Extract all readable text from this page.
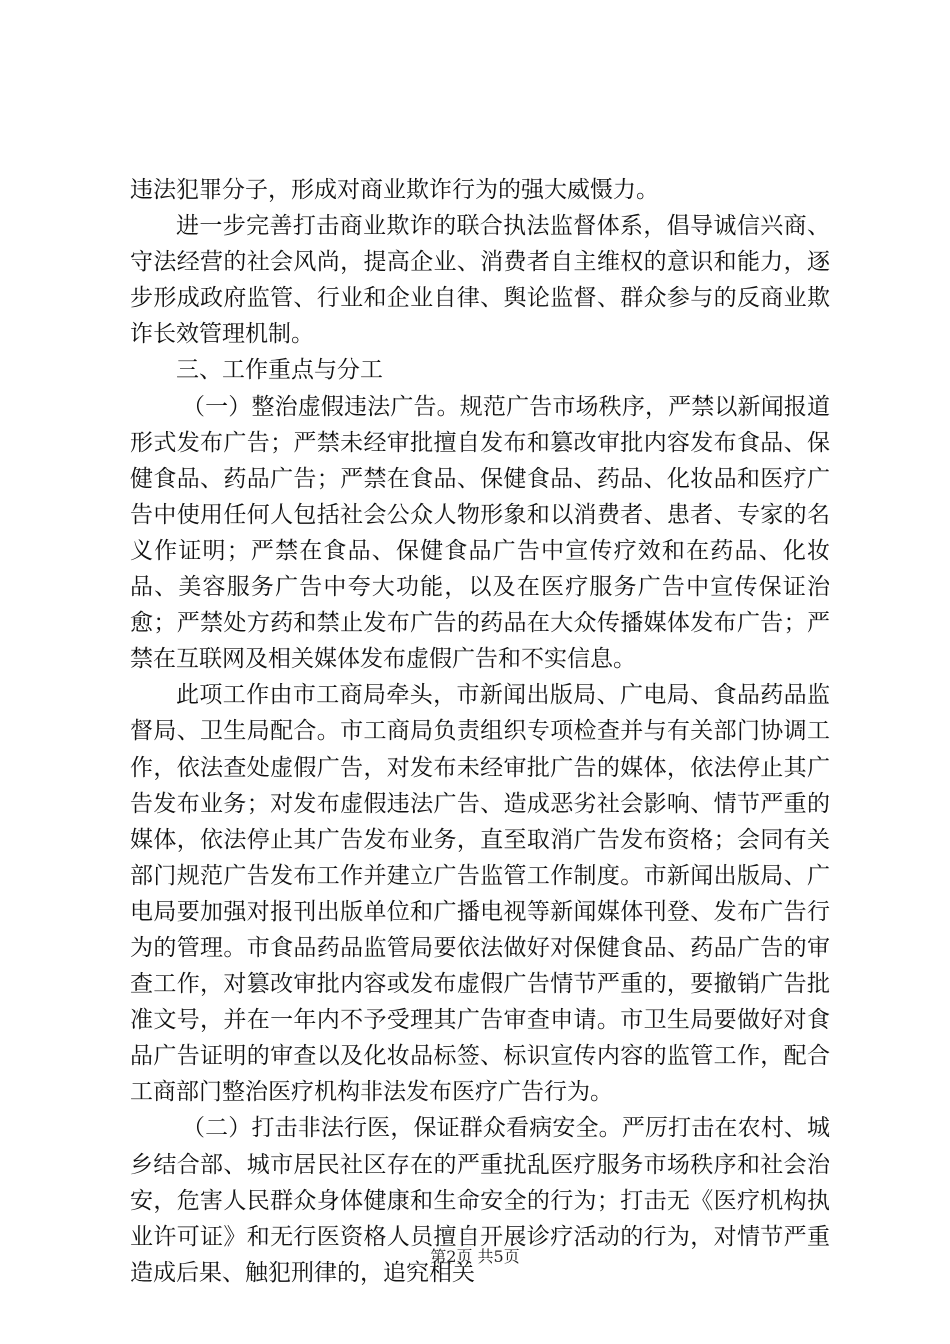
违法犯罪分子，形成对商业欺诈行为的强大威慑力。

进一步完善打击商业欺诈的联合执法监督体系，倡导诚信兴商、守法经营的社会风尚，提高企业、消费者自主维权的意识和能力，逐步形成政府监管、行业和企业自律、舆论监督、群众参与的反商业欺诈长效管理机制。

三、工作重点与分工

（一）整治虚假违法广告。规范广告市场秩序，严禁以新闻报道形式发布广告；严禁未经审批擅自发布和篡改审批内容发布食品、保健食品、药品广告；严禁在食品、保健食品、药品、化妆品和医疗广告中使用任何人包括社会公众人物形象和以消费者、患者、专家的名义作证明；严禁在食品、保健食品广告中宣传疗效和在药品、化妆品、美容服务广告中夸大功能，以及在医疗服务广告中宣传保证治愈；严禁处方药和禁止发布广告的药品在大众传播媒体发布广告；严禁在互联网及相关媒体发布虚假广告和不实信息。

此项工作由市工商局牵头，市新闻出版局、广电局、食品药品监督局、卫生局配合。市工商局负责组织专项检查并与有关部门协调工作，依法查处虚假广告，对发布未经审批广告的媒体，依法停止其广告发布业务；对发布虚假违法广告、造成恶劣社会影响、情节严重的媒体，依法停止其广告发布业务，直至取消广告发布资格；会同有关部门规范广告发布工作并建立广告监管工作制度。市新闻出版局、广电局要加强对报刊出版单位和广播电视等新闻媒体刊登、发布广告行为的管理。市食品药品监管局要依法做好对保健食品、药品广告的审查工作，对篡改审批内容或发布虚假广告情节严重的，要撤销广告批准文号，并在一年内不予受理其广告审查申请。市卫生局要做好对食品广告证明的审查以及化妆品标签、标识宣传内容的监管工作，配合工商部门整治医疗机构非法发布医疗广告行为。

（二）打击非法行医，保证群众看病安全。严厉打击在农村、城乡结合部、城市居民社区存在的严重扰乱医疗服务市场秩序和社会治安，危害人民群众身体健康和生命安全的行为；打击无《医疗机构执业许可证》和无行医资格人员擅自开展诊疗活动的行为，对情节严重造成后果、触犯刑律的，追究相关

第2页 共5页
